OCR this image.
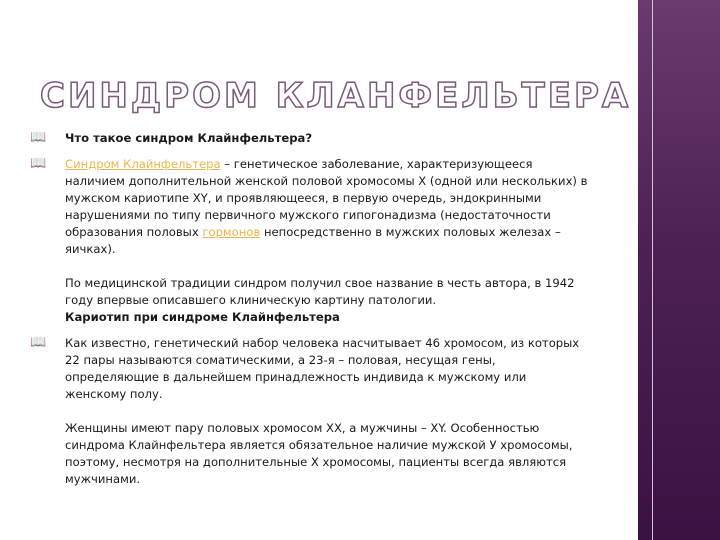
СИНДРОМ КЛАНФЕЛЬТЕРА
📖 Что такое синдром Клайнфельтера?

📖 Синдром Клайнфельтера – генетическое заболевание, характеризующееся наличием дополнительной женской половой хромосомы X (одной или нескольких) в мужском кариотипе XY, и проявляющееся, в первую очередь, эндокринными нарушениями по типу первичного мужского гипогонадизма (недостаточности образования половых гормонов непосредственно в мужских половых железах – яичках).

По медицинской традиции синдром получил свое название в честь автора, в 1942 году впервые описавшего клиническую картину патологии.
Кариотип при синдроме Клайнфельтера

📖 Как известно, генетический набор человека насчитывает 46 хромосом, из которых 22 пары называются соматическими, а 23-я – половая, несущая гены, определяющие в дальнейшем принадлежность индивида к мужскому или женскому полу.

Женщины имеют пару половых хромосом XX, а мужчины – XY. Особенностью синдрома Клайнфельтера является обязательное наличие мужской У хромосомы, поэтому, несмотря на дополнительные X хромосомы, пациенты всегда являются мужчинами.
